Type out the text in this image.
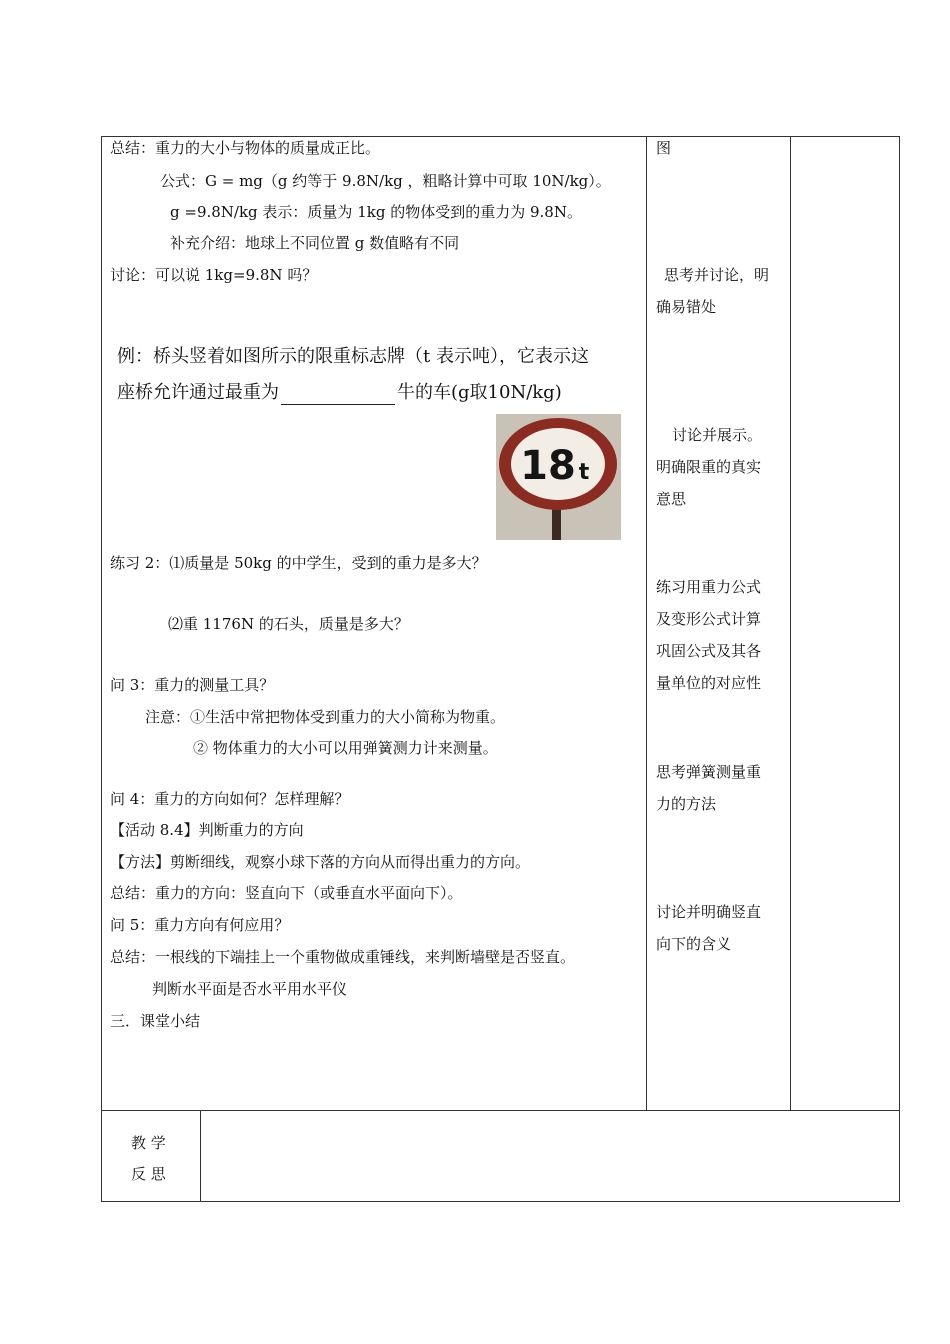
总结：重力的大小与物体的质量成正比。
公式：G = mg（g 约等于 9.8N/kg ，粗略计算中可取 10N/kg）。
g =9.8N/kg 表示：质量为 1kg 的物体受到的重力为 9.8N。
补充介绍：地球上不同位置 g 数值略有不同
讨论：可以说 1kg=9.8N 吗？
例：桥头竖着如图所示的限重标志牌（t 表示吨），它表示这
座桥允许通过最重为	牛的车(g取10N/kg)
18 t
练习 2：⑴质量是 50kg 的中学生，受到的重力是多大？
⑵重 1176N 的石头，质量是多大？
问 3：重力的测量工具？
注意：①生活中常把物体受到重力的大小简称为物重。
② 物体重力的大小可以用弹簧测力计来测量。
问 4：重力的方向如何？怎样理解？
【活动 8.4】判断重力的方向
【方法】剪断细线，观察小球下落的方向从而得出重力的方向。
总结：重力的方向：竖直向下（或垂直水平面向下）。
问 5：重力方向有何应用？
总结：一根线的下端挂上一个重物做成重锤线，来判断墙壁是否竖直。
判断水平面是否水平用水平仪
三．课堂小结
图
思考并讨论，明
确易错处
讨论并展示。
明确限重的真实
意思
练习用重力公式
及变形公式计算
巩固公式及其各
量单位的对应性
思考弹簧测量重
力的方法
讨论并明确竖直
向下的含义
教 学
反 思
